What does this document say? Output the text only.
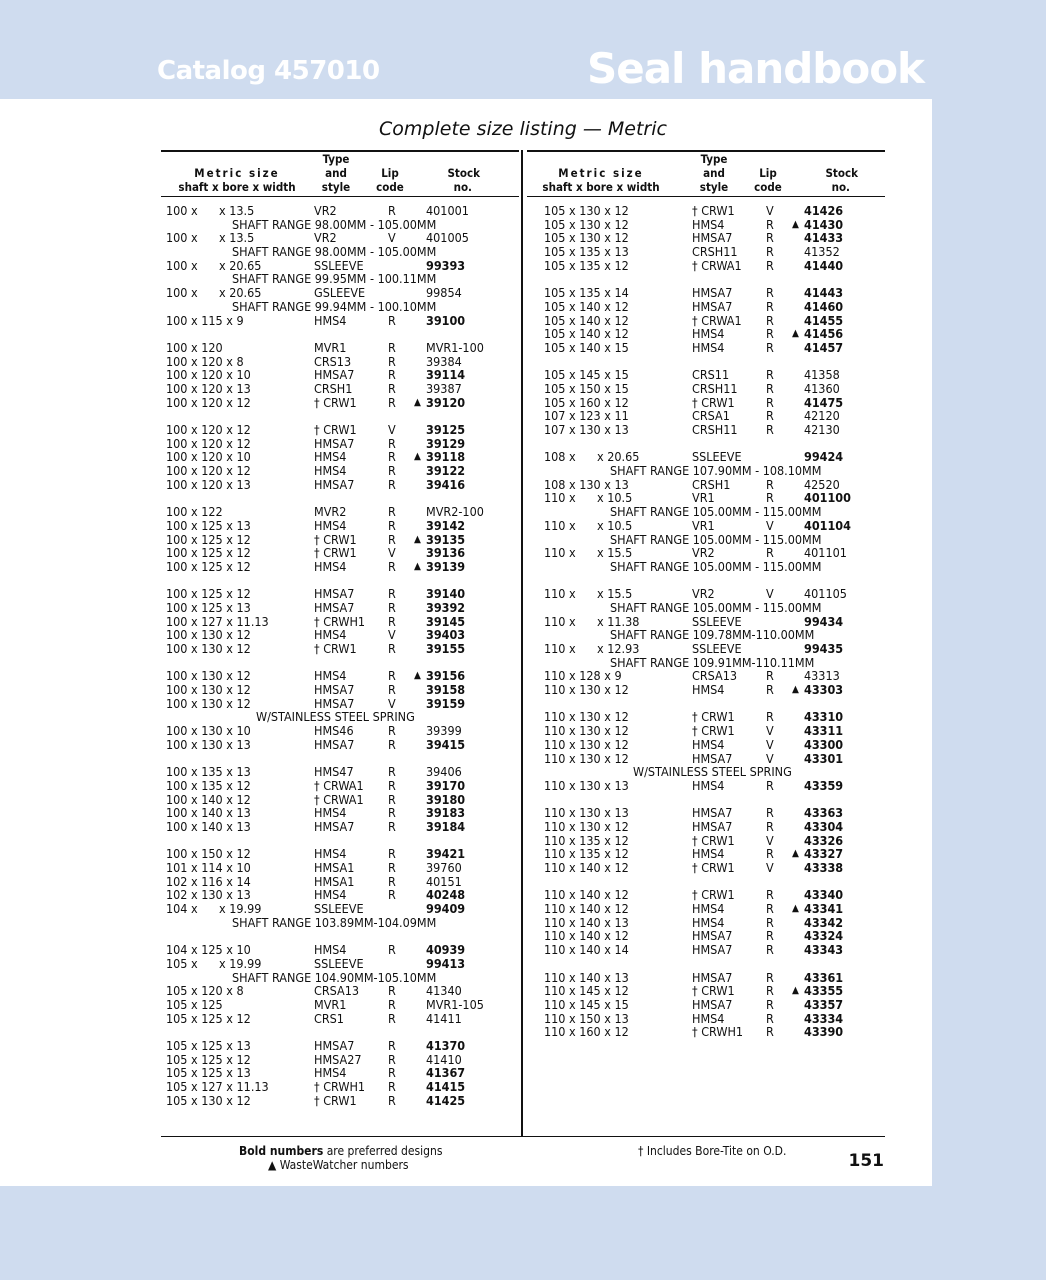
Catalog 457010	Seal handbook
Complete size listing — Metric
Metric size
shaft x bore x width
Type
and
style
Lip
code
Stock
no.
Metric size
shaft x bore x width
Type
and
style
Lip
code
Stock
no.
100 x x 13.5	VR2	R 401001
SHAFT RANGE 98.00MM - 105.00MM
100 x x 13.5	VR2	V 401005
SHAFT RANGE 98.00MM - 105.00MM
100 x x 20.65	SSLEEVE	99393
SHAFT RANGE 99.95MM - 100.11MM
100 x x 20.65	GSLEEVE	99854
SHAFT RANGE 99.94MM - 100.10MM
100 x 115 x 9	HMS4	R 39100
100 x 120	MVR1	R MVR1-100
100 x 120 x 8	CRS13	R 39384
100 x 120 x 10	HMSA7	R 39114
100 x 120 x 13	CRSH1	R 39387
100 x 120 x 12	† CRW1	R ▲ 39120
100 x 120 x 12	† CRW1	V 39125
100 x 120 x 12	HMSA7	R 39129
100 x 120 x 10	HMS4	R ▲ 39118
100 x 120 x 12	HMS4	R 39122
100 x 120 x 13	HMSA7	R 39416
100 x 122	MVR2	R MVR2-100
100 x 125 x 13	HMS4	R 39142
100 x 125 x 12	† CRW1	R ▲ 39135
100 x 125 x 12	† CRW1	V 39136
100 x 125 x 12	HMS4	R ▲ 39139
100 x 125 x 12	HMSA7	R 39140
100 x 125 x 13	HMSA7	R 39392
100 x 127 x 11.13	† CRWH1 R 39145
100 x 130 x 12	HMS4	V 39403
100 x 130 x 12	† CRW1	R 39155
100 x 130 x 12	HMS4	R ▲ 39156
100 x 130 x 12	HMSA7	R 39158
100 x 130 x 12	HMSA7	V 39159
W/STAINLESS STEEL SPRING
100 x 130 x 10	HMS46	R 39399
100 x 130 x 13	HMSA7	R 39415
100 x 135 x 13	HMS47	R 39406
100 x 135 x 12	† CRWA1 R 39170
100 x 140 x 12	† CRWA1 R 39180
100 x 140 x 13	HMS4	R 39183
100 x 140 x 13	HMSA7	R 39184
100 x 150 x 12	HMS4	R 39421
101 x 114 x 10	HMSA1	R 39760
102 x 116 x 14	HMSA1	R 40151
102 x 130 x 13	HMS4	R 40248
104 x x 19.99	SSLEEVE	99409
SHAFT RANGE 103.89MM-104.09MM
104 x 125 x 10	HMS4	R 40939
105 x x 19.99	SSLEEVE	99413
SHAFT RANGE 104.90MM-105.10MM
105 x 120 x 8	CRSA13 R 41340
105 x 125	MVR1	R MVR1-105
105 x 125 x 12	CRS1	R 41411
105 x 125 x 13	HMSA7	R 41370
105 x 125 x 12	HMSA27 R 41410
105 x 125 x 13	HMS4	R 41367
105 x 127 x 11.13	† CRWH1 R 41415
105 x 130 x 12	† CRW1	R 41425
105 x 130 x 12	† CRW1	V 41426
105 x 130 x 12	HMS4	R ▲ 41430
105 x 130 x 12	HMSA7	R 41433
105 x 135 x 13	CRSH11 R 41352
105 x 135 x 12	† CRWA1 R 41440
105 x 135 x 14	HMSA7	R 41443
105 x 140 x 12	HMSA7	R 41460
105 x 140 x 12	† CRWA1 R 41455
105 x 140 x 12	HMS4	R ▲ 41456
105 x 140 x 15	HMS4	R 41457
105 x 145 x 15	CRS11	R 41358
105 x 150 x 15	CRSH11 R 41360
105 x 160 x 12	† CRW1	R 41475
107 x 123 x 11	CRSA1	R 42120
107 x 130 x 13	CRSH11 R 42130
108 x x 20.65	SSLEEVE	99424
SHAFT RANGE 107.90MM - 108.10MM
108 x 130 x 13	CRSH1	R 42520
110 x x 10.5	VR1	R 401100
SHAFT RANGE 105.00MM - 115.00MM
110 x x 10.5	VR1	V 401104
SHAFT RANGE 105.00MM - 115.00MM
110 x x 15.5	VR2	R 401101
SHAFT RANGE 105.00MM - 115.00MM
110 x x 15.5	VR2	V 401105
SHAFT RANGE 105.00MM - 115.00MM
110 x x 11.38	SSLEEVE	99434
SHAFT RANGE 109.78MM-110.00MM
110 x x 12.93	SSLEEVE	99435
SHAFT RANGE 109.91MM-110.11MM
110 x 128 x 9	CRSA13 R 43313
110 x 130 x 12	HMS4	R ▲ 43303
110 x 130 x 12	† CRW1	R 43310
110 x 130 x 12	† CRW1	V 43311
110 x 130 x 12	HMS4	V 43300
110 x 130 x 12	HMSA7	V 43301
W/STAINLESS STEEL SPRING
110 x 130 x 13	HMS4	R 43359
110 x 130 x 13	HMSA7	R 43363
110 x 130 x 12	HMSA7	R 43304
110 x 135 x 12	† CRW1	V 43326
110 x 135 x 12	HMS4	R ▲ 43327
110 x 140 x 12	† CRW1	V 43338
110 x 140 x 12	† CRW1	R 43340
110 x 140 x 12	HMS4	R ▲ 43341
110 x 140 x 13	HMS4	R 43342
110 x 140 x 12	HMSA7	R 43324
110 x 140 x 14	HMSA7	R 43343
110 x 140 x 13	HMSA7	R 43361
110 x 145 x 12	† CRW1	R ▲ 43355
110 x 145 x 15	HMSA7	R 43357
110 x 150 x 13	HMS4	R 43334
110 x 160 x 12	† CRWH1 R 43390
Bold numbers are preferred designs
▲ WasteWatcher numbers
† Includes Bore-Tite on O.D.	151
